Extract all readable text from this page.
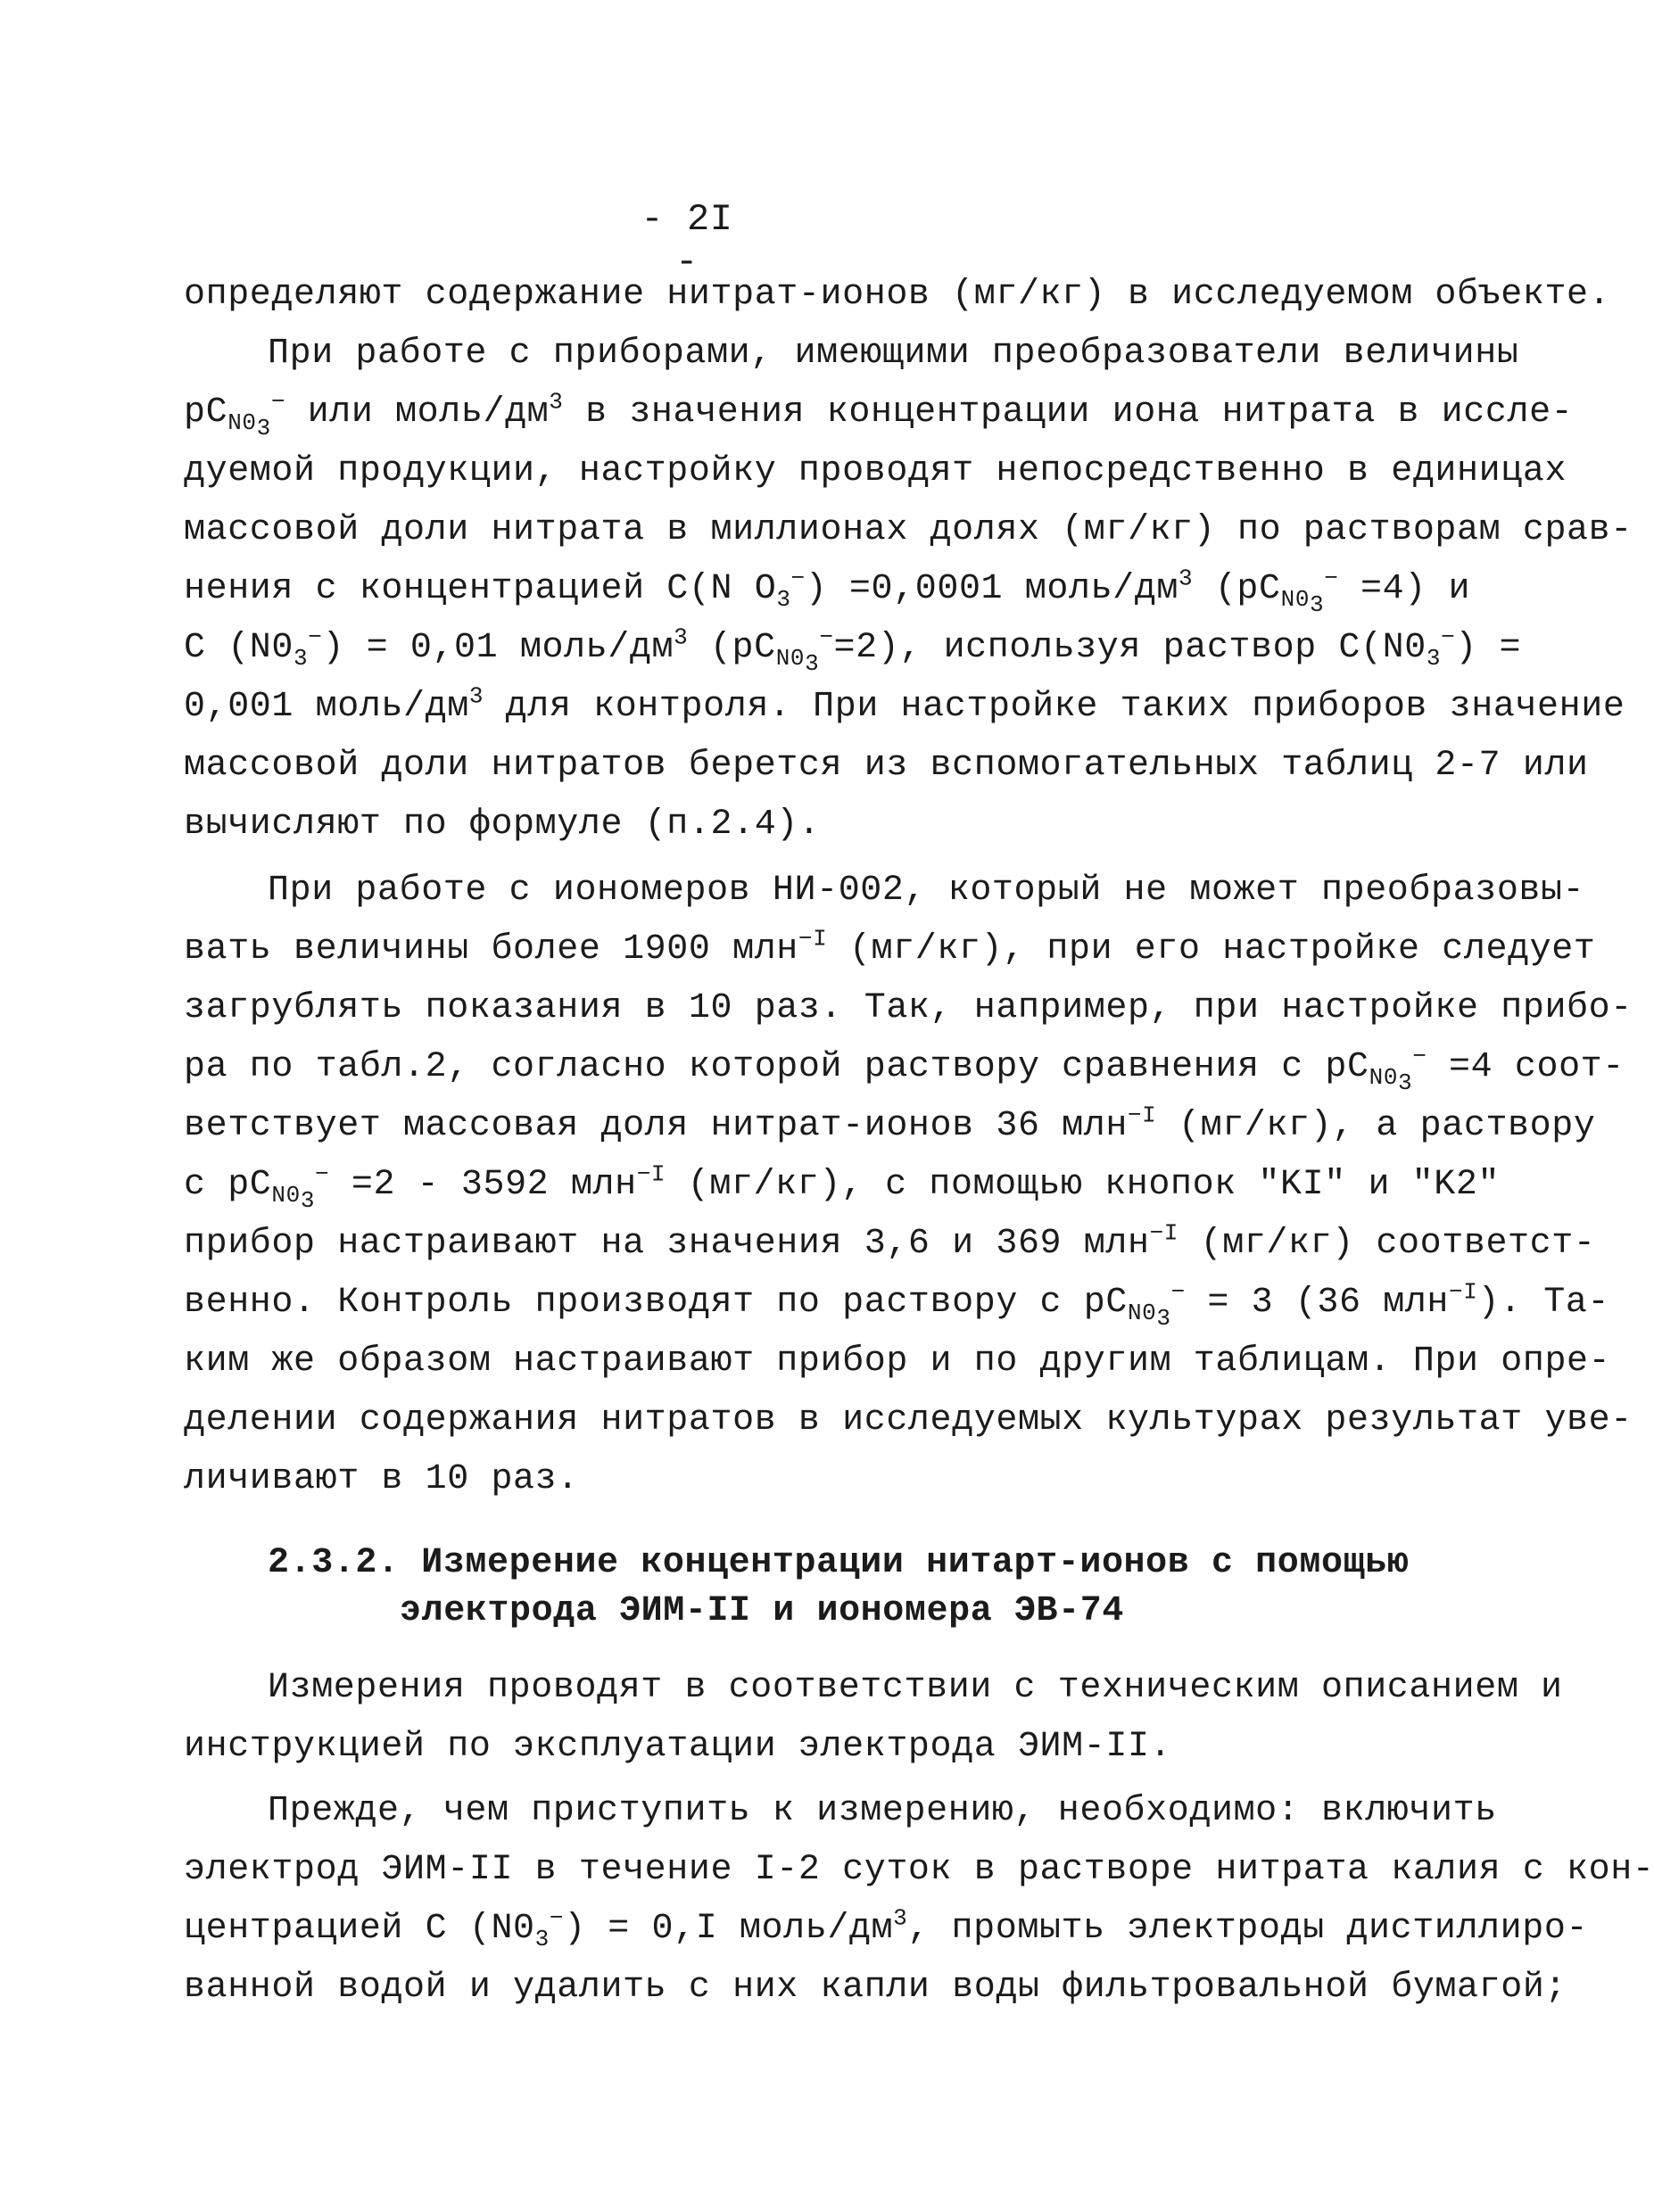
- 2I -
определяют содержание нитрат-ионов (мг/кг) в исследуемом объекте.
При работе с приборами, имеющими преобразователи величины
$pC_{N0_3}^-$ или моль/$дм^3$ в значения концентрации иона нитрата в иссле-
дуемой продукции, настройку проводят непосредственно в единицах
массовой доли нитрата в миллионах долях (мг/кг) по растворам срав-
нения с концентрацией С(N $O_3^-) =0,0001$ моль/$дм^3$ $(pC_{N0_3}^- =4)$ и
С $(N0_3^-) = 0,01$ моль/$дм^3$ $(pC_{N0_3}^-=2)$, используя раствор $C(N0_3^-)$ =
0,001 моль/$дм^3$ для контроля. При настройке таких приборов значение
массовой доли нитратов берется из вспомогательных таблиц 2-7 или
вычисляют по формуле (п.2.4).
При работе с иономеров НИ-002, который не может преобразовы-
вать величины более 1900 млн$^{-I}$ (мг/кг), при его настройке следует
загрублять показания в 10 раз. Так, например, при настройке прибо-
ра по табл.2, согласно которой раствору сравнения с $pC_{N0_3}^- =4$ соот-
ветствует массовая доля нитрат-ионов 36 млн$^{-I}$ (мг/кг), а раствору
с $pC_{N0_3}^- =2 - 3592$ млн$^{-I}$ (мг/кг), с помощью кнопок "KI" и "K2"
прибор настраивают на значения 3,6 и 369 млн$^{-I}$ (мг/кг) соответст-
венно. Контроль производят по раствору с $pC_{N0_3}^- = 3$ (36 млн$^{-I}$). Та-
ким же образом настраивают прибор и по другим таблицам. При опре-
делении содержания нитратов в исследуемых культурах результат уве-
личивают в 10 раз.
2.3.2. Измерение концентрации нитарт-ионов с помощью
электрода ЭИМ-II и иономера ЭВ-74
Измерения проводят в соответствии с техническим описанием и
инструкцией по эксплуатации электрода ЭИМ-II.
Прежде, чем приступить к измерению, необходимо: включить
электрод ЭИМ-II в течение I-2 суток в растворе нитрата калия с кон-
центрацией С $(N0_3^-) = 0,I$ моль/$дм^3$, промыть электроды дистиллиро-
ванной водой и удалить с них капли воды фильтровальной бумагой;
